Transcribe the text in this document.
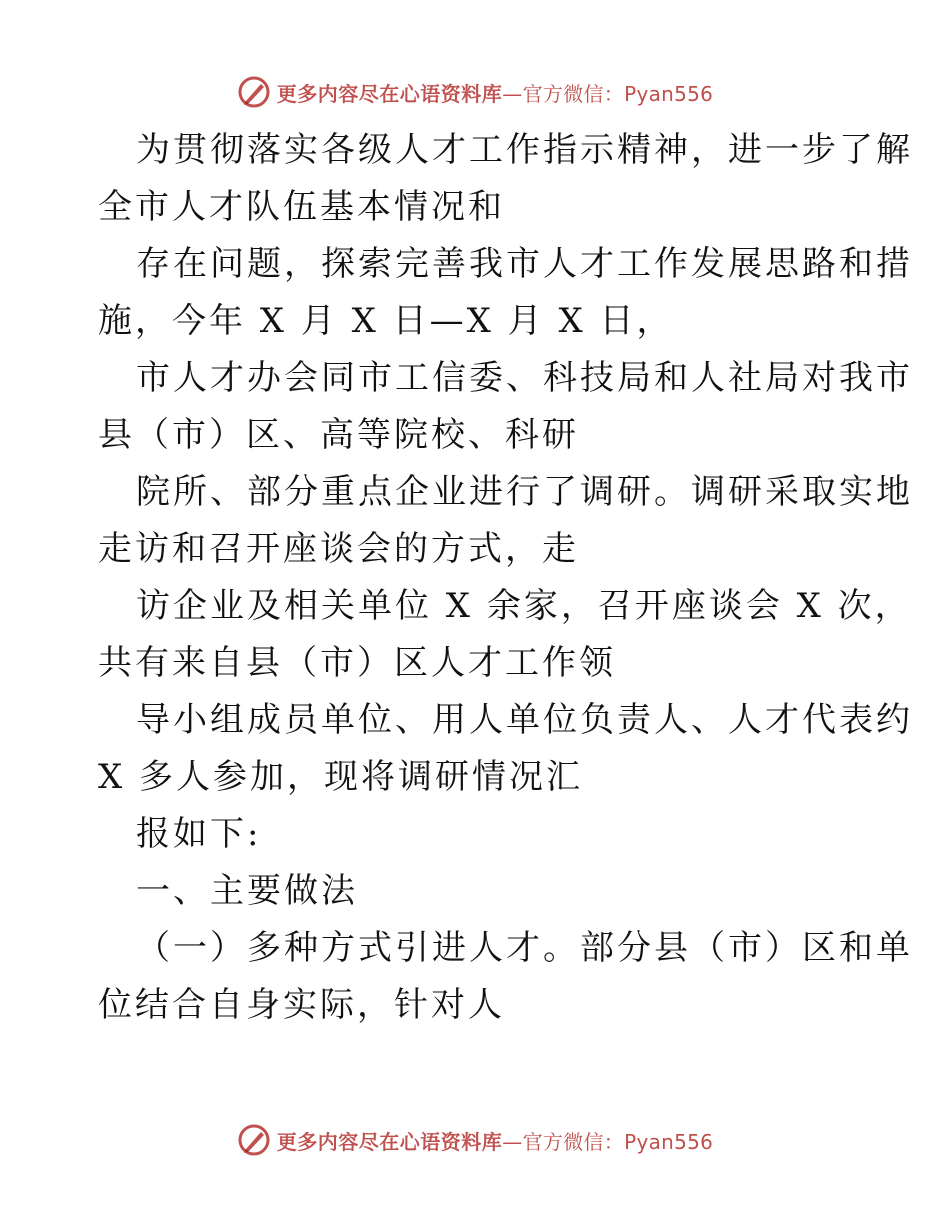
更多内容尽在心语资料库 —官方微信：Pyan556
为贯彻落实各级人才工作指示精神，进一步了解
全市人才队伍基本情况和
存在问题，探索完善我市人才工作发展思路和措
施，今年 X 月 X 日—X 月 X 日，
市人才办会同市工信委、科技局和人社局对我市
县（市）区、高等院校、科研
院所、部分重点企业进行了调研。调研采取实地
走访和召开座谈会的方式，走
访企业及相关单位 X 余家，召开座谈会 X 次，
共有来自县（市）区人才工作领
导小组成员单位、用人单位负责人、人才代表约
X 多人参加，现将调研情况汇
报如下:
一、主要做法
（一）多种方式引进人才。部分县（市）区和单
位结合自身实际，针对人
更多内容尽在心语资料库 —官方微信：Pyan556
